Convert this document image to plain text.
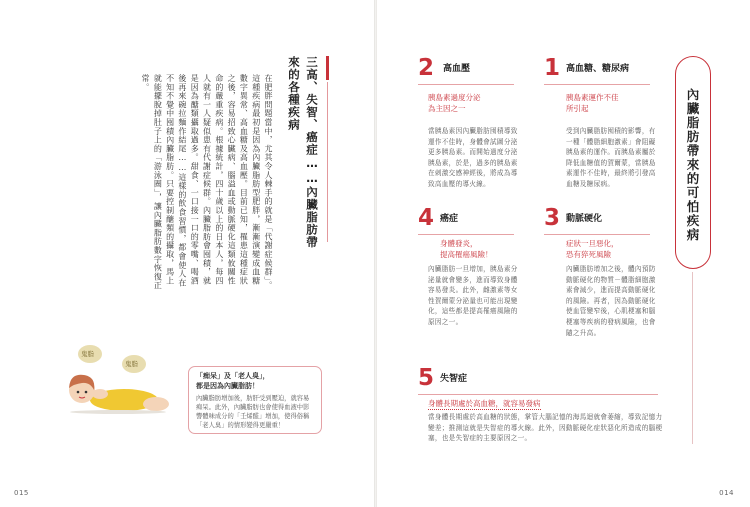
三高、失智、癌症……內臟脂肪帶來的各種疾病
在肥胖問題當中，尤其令人棘手的就是「代謝症候群」。這種疾病最初是因為內臟脂肪型肥胖，漸漸演變成血糖數字異常、高血糖及高血壓。目前已知，罹患這種症狀之後，容易招致心臟病、腦溢血或動脈硬化這類攸關性命的嚴重疾病。根據統計，四十歲以上的日本人，每四人就有一人疑似患有代謝症候群。內臟脂肪會囤積，就是因為醣類攝取過多。甜食、一口接一口的零嘴、喝酒後再來碗拉麵作結尾……這樣的飲食習慣，都會使人在不知不覺中囤積內臟脂肪。只要控制醣類的攝取，馬上就能擺脫掉肚子上的「游泳圈」，讓內臟脂肪數字恢復正常。
鬼脂
鬼脂
「痴呆」及「老人臭」，
都是因為內臟脂肪！
內臟脂肪增加後，肪肝受到壓迫，就容易痴呆。此外，內臟脂肪也會使得血液中影響體味成分的「壬烯醛」增加，使得俗稱「老人臭」的情形變得更嚴重！
015	014
內臟脂肪帶來的可怕疾病
2 高血壓
胰島素過度分泌
為主因之一
當胰島素因內臟脂肪囤積導致運作不佳時，身體會試圖分泌更多胰島素。而開始過度分泌胰島素，於是，過多的胰島素在刺激交感神經後，將成為導致高血壓的導火線。
1 高血糖、糖尿病
胰島素運作不佳
所引起
受到內臟脂肪囤積的影響，有一種「體脂細胞激素」會阻礙胰島素的運作。而胰島素屬於降低血糖值的賀爾蒙，當胰島素運作不佳時，最終將引發高血糖及糖尿病。
4 癌症
身體發炎，
提高罹癌風險！
內臟脂肪一旦增加，胰島素分泌量就會變多，進而導致身體容易發炎。此外，雌激素等女性賀爾蒙分泌量也可能出現變化，這些都是提高罹癌風險的原因之一。
3 動脈硬化
症狀一旦惡化，
恐有猝死風險
內臟脂肪增加之後，體內預防動脈硬化的物質－體脂細胞激素會減少，進而提高動脈硬化的風險。再者，因為動脈硬化使血管變窄後，心肌梗塞和腦梗塞等疾病的發病風險，也會隨之升高。
5 失智症
身體長期處於高血糖，就容易發病
當身體長期處於高血糖的狀態，掌管大腦記憶的海馬迴就會萎縮，導致記憶力變差；推測這就是失智症的導火線。此外，因動脈硬化症狀惡化所造成的腦梗塞，也是失智症的主要原因之一。
